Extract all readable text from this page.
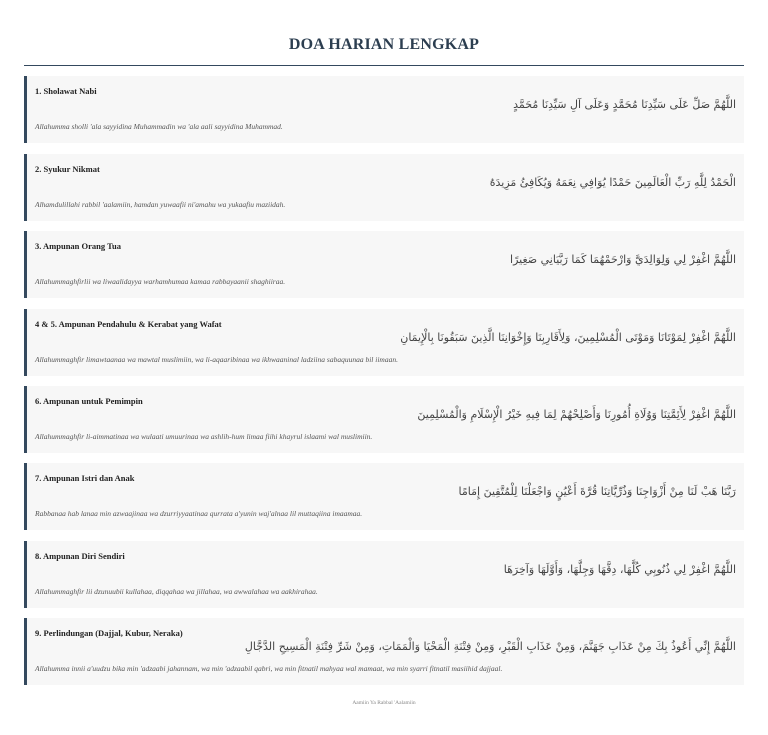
DOA HARIAN LENGKAP
1. Sholawat Nabi
اللَّهُمَّ صَلِّ عَلَى سَيِّدِنَا مُحَمَّدٍ وَعَلَى آلِ سَيِّدِنَا مُحَمَّدٍ
Allahumma sholli 'ala sayyidina Muhammadin wa 'ala aali sayyidina Muhammad.
2. Syukur Nikmat
الْحَمْدُ لِلَّهِ رَبِّ الْعَالَمِينَ حَمْدًا يُوَافِي نِعَمَهُ وَيُكَافِئُ مَزِيدَهُ
Alhamdulillahi rabbil 'aalamiin, hamdan yuwaafii ni'amahu wa yukaafiu maziidah.
3. Ampunan Orang Tua
اللَّهُمَّ اغْفِرْ لِي وَلِوَالِدَيَّ وَارْحَمْهُمَا كَمَا رَبَّيَانِي صَغِيرًا
Allahummaghfirlii wa liwaalidayya warhamhumaa kamaa rabbayaanii shaghiiraa.
4 & 5. Ampunan Pendahulu & Kerabat yang Wafat
اللَّهُمَّ اغْفِرْ لِمَوْتَانَا وَمَوْتَى الْمُسْلِمِينَ، وَلِأَقَارِبِنَا وَإِخْوَانِنَا الَّذِينَ سَبَقُونَا بِالْإِيمَانِ
Allahummaghfir limawtaanaa wa mawtal muslimiin, wa li-aqaaribinaa wa ikhwaaninal ladziina sabaquunaa bil iimaan.
6. Ampunan untuk Pemimpin
اللَّهُمَّ اغْفِرْ لِأَئِمَّتِنَا وَوُلَاةِ أُمُورِنَا وَأَصْلِحْهُمْ لِمَا فِيهِ خَيْرُ الْإِسْلَامِ وَالْمُسْلِمِينَ
Allahummaghfir li-aimmatinaa wa wulaati umuurinaa wa ashlih-hum limaa fiihi khayrul islaami wal muslimiin.
7. Ampunan Istri dan Anak
رَبَّنَا هَبْ لَنَا مِنْ أَزْوَاجِنَا وَذُرِّيَّاتِنَا قُرَّةَ أَعْيُنٍ وَاجْعَلْنَا لِلْمُتَّقِينَ إِمَامًا
Rabbanaa hab lanaa min azwaajinaa wa dzurriyyaatinaa qurrata a'yunin waj'alnaa lil muttaqiina imaamaa.
8. Ampunan Diri Sendiri
اللَّهُمَّ اغْفِرْ لِي ذُنُوبِي كُلَّهَا، دِقَّهَا وَجِلَّهَا، وَأَوَّلَهَا وَآخِرَهَا
Allahummaghfir lii dzunuubii kullahaa, diqqahaa wa jillahaa, wa awwalahaa wa aakhirahaa.
9. Perlindungan (Dajjal, Kubur, Neraka)
اللَّهُمَّ إِنِّي أَعُوذُ بِكَ مِنْ عَذَابِ جَهَنَّمَ، وَمِنْ عَذَابِ الْقَبْرِ، وَمِنْ فِتْنَةِ الْمَحْيَا وَالْمَمَاتِ، وَمِنْ شَرِّ فِتْنَةِ الْمَسِيحِ الدَّجَّالِ
Allahumma innii a'uudzu bika min 'adzaabi jahannam, wa min 'adzaabil qabri, wa min fitnatil mahyaa wal mamaat, wa min syarri fitnatil masiihid dajjaal.
Aamiin Ya Rabbal 'Aalamiin
